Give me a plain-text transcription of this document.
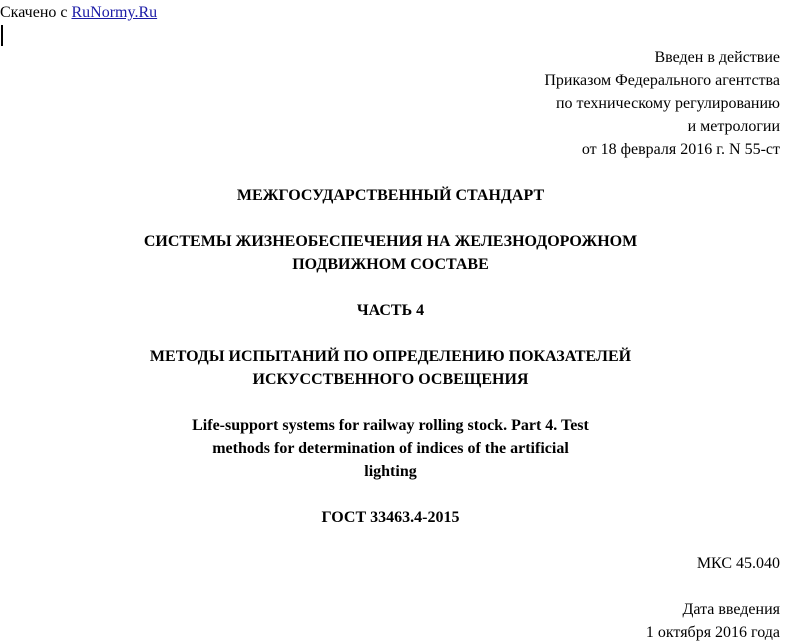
Скачено с RuNormy.Ru
Введен в действие
Приказом Федерального агентства
по техническому регулированию
и метрологии
от 18 февраля 2016 г. N 55-ст
МЕЖГОСУДАРСТВЕННЫЙ СТАНДАРТ
СИСТЕМЫ ЖИЗНЕОБЕСПЕЧЕНИЯ НА ЖЕЛЕЗНОДОРОЖНОМ
ПОДВИЖНОМ СОСТАВЕ
ЧАСТЬ 4
МЕТОДЫ ИСПЫТАНИЙ ПО ОПРЕДЕЛЕНИЮ ПОКАЗАТЕЛЕЙ
ИСКУССТВЕННОГО ОСВЕЩЕНИЯ
Life-support systems for railway rolling stock. Part 4. Test
methods for determination of indices of the artificial
lighting
ГОСТ 33463.4-2015
МКС 45.040
Дата введения
1 октября 2016 года
